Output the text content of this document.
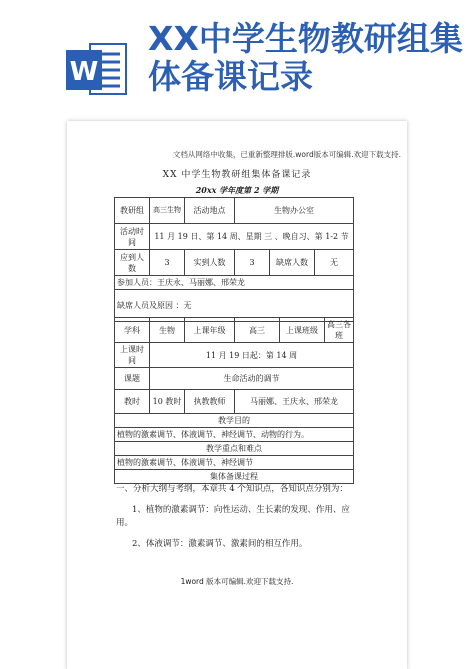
W
XX中学生物教研组集体备课记录
文档从网络中收集，已重新整理排版.word版本可编辑.欢迎下载支持.
XX 中学生物教研组集体备课记录
20xx 学年度第 2 学期
教研组	高三生物	活动地点	生物办公室		
活动时间	11 月 19 日、第 14 周、星期 三 、晚自习、第 1-2 节				
应到人数	3	实到人数	3	缺席人数	无
参加人员：王庆永、马丽娜、邢荣龙					
缺席人员及原因 ：无					
学科	生物	上课年级	高三	上课班级	高三各班
上课时间	11 月 19 日起：第 14 周				
课题	生命活动的调节				
教时	10 教时	执教教师	马丽娜、王庆永、邢荣龙		
教学目的					
植物的激素调节、体液调节、神经调节、动物的行为。					
教学重点和难点					
植物的激素调节、体液调节、神经调节					
集体备课过程					
一、分析大纲与考纲，本章共 4 个知识点，各知识点分别为：
1、植物的激素调节：向性运动、生长素的发现、作用、应用。
2、体液调节：激素调节、激素间的相互作用。
1word 版本可编辑.欢迎下载支持.
